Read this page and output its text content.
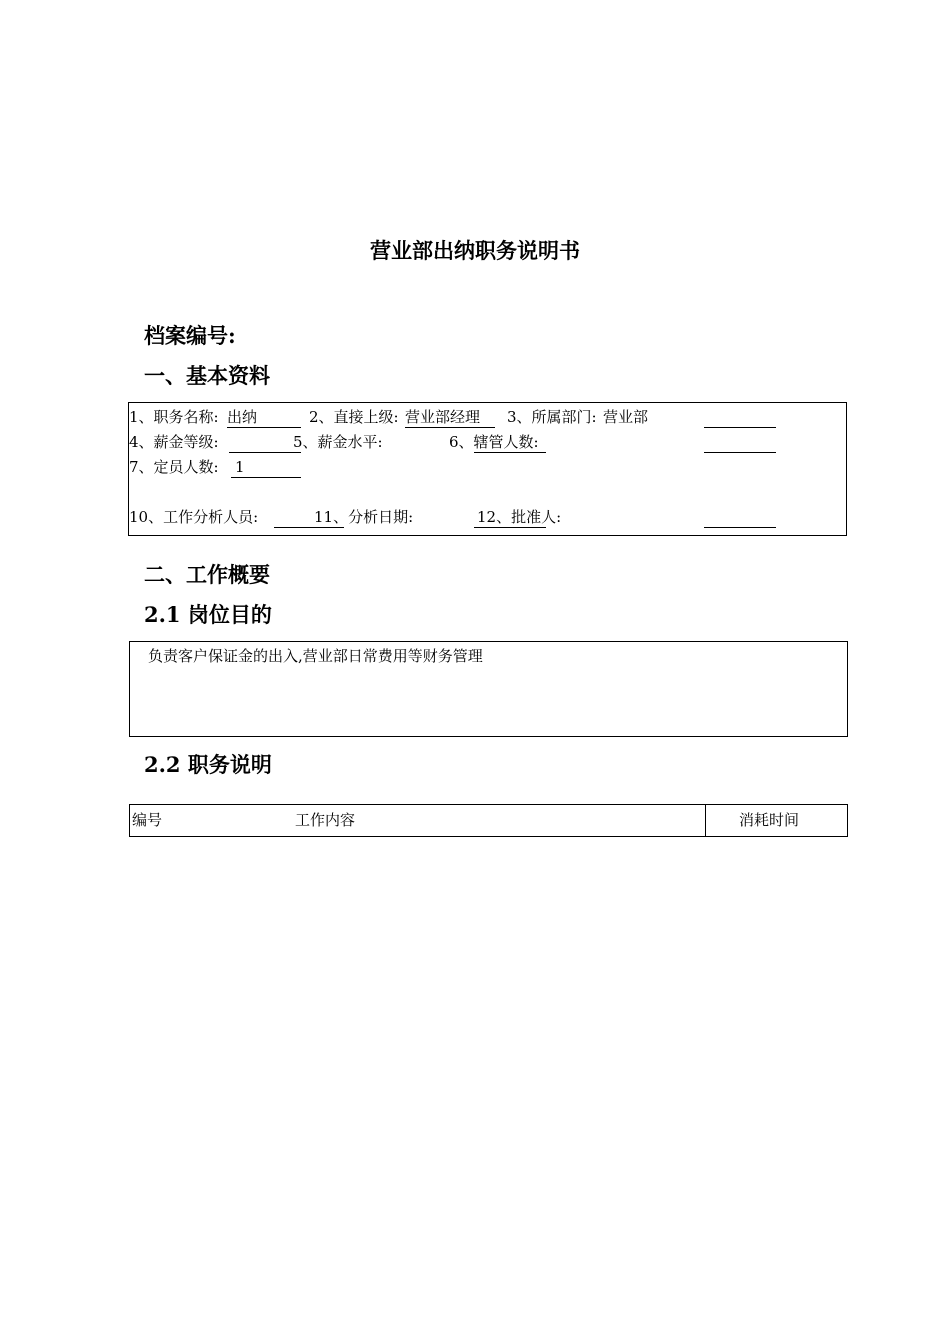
营业部出纳职务说明书
档案编号:
一、基本资料
1、职务名称: 出纳	2、直接上级: 营业部经理 3、所属部门: 营业部
4、薪金等级:	5、薪金水平:	6、辖管人数:
7、定员人数: 1
10、工作分析人员:	11、分析日期:	12、批准人:
二、工作概要
2.1 岗位目的
负责客户保证金的出入,营业部日常费用等财务管理
2.2 职务说明
编号	工作内容	消耗时间
